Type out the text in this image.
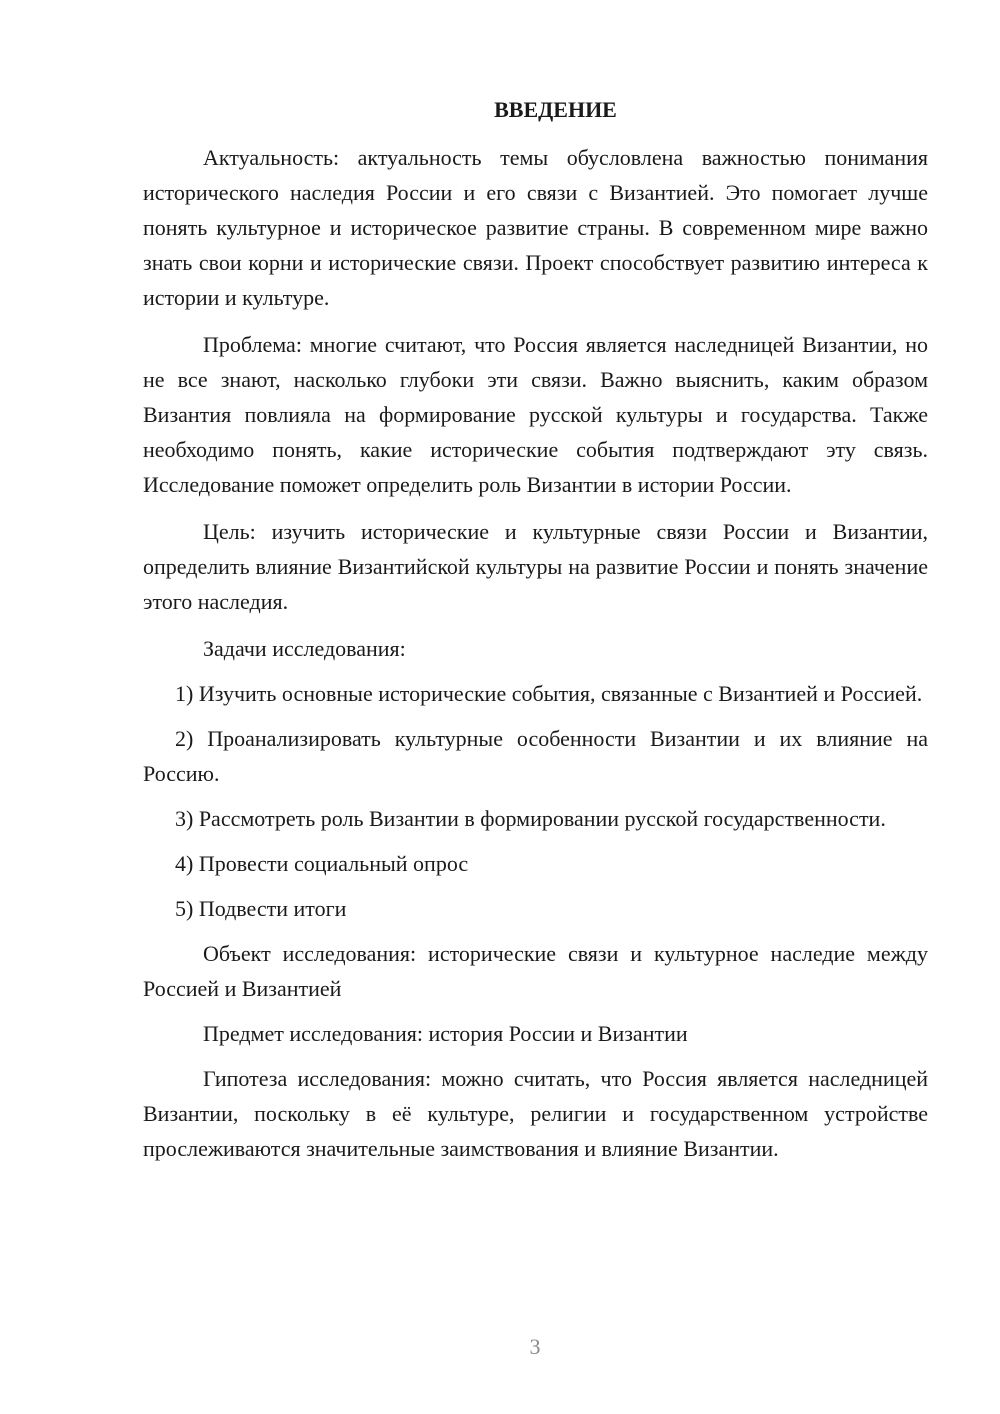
ВВЕДЕНИЕ

Актуальность: актуальность темы обусловлена важностью понимания исторического наследия России и его связи с Византией. Это помогает лучше понять культурное и историческое развитие страны. В современном мире важно знать свои корни и исторические связи. Проект способствует развитию интереса к истории и культуре.

Проблема: многие считают, что Россия является наследницей Византии, но не все знают, насколько глубоки эти связи. Важно выяснить, каким образом Византия повлияла на формирование русской культуры и государства. Также необходимо понять, какие исторические события подтверждают эту связь. Исследование поможет определить роль Византии в истории России.

Цель: изучить исторические и культурные связи России и Византии, определить влияние Византийской культуры на развитие России и понять значение этого наследия.

Задачи исследования:

1) Изучить основные исторические события, связанные с Византией и Россией.

2) Проанализировать культурные особенности Византии и их влияние на Россию.

3) Рассмотреть роль Византии в формировании русской государственности.

4) Провести социальный опрос

5) Подвести итоги

Объект исследования: исторические связи и культурное наследие между Россией и Византией

Предмет исследования: история России и Византии

Гипотеза исследования: можно считать, что Россия является наследницей Византии, поскольку в её культуре, религии и государственном устройстве прослеживаются значительные заимствования и влияние Византии.

3
